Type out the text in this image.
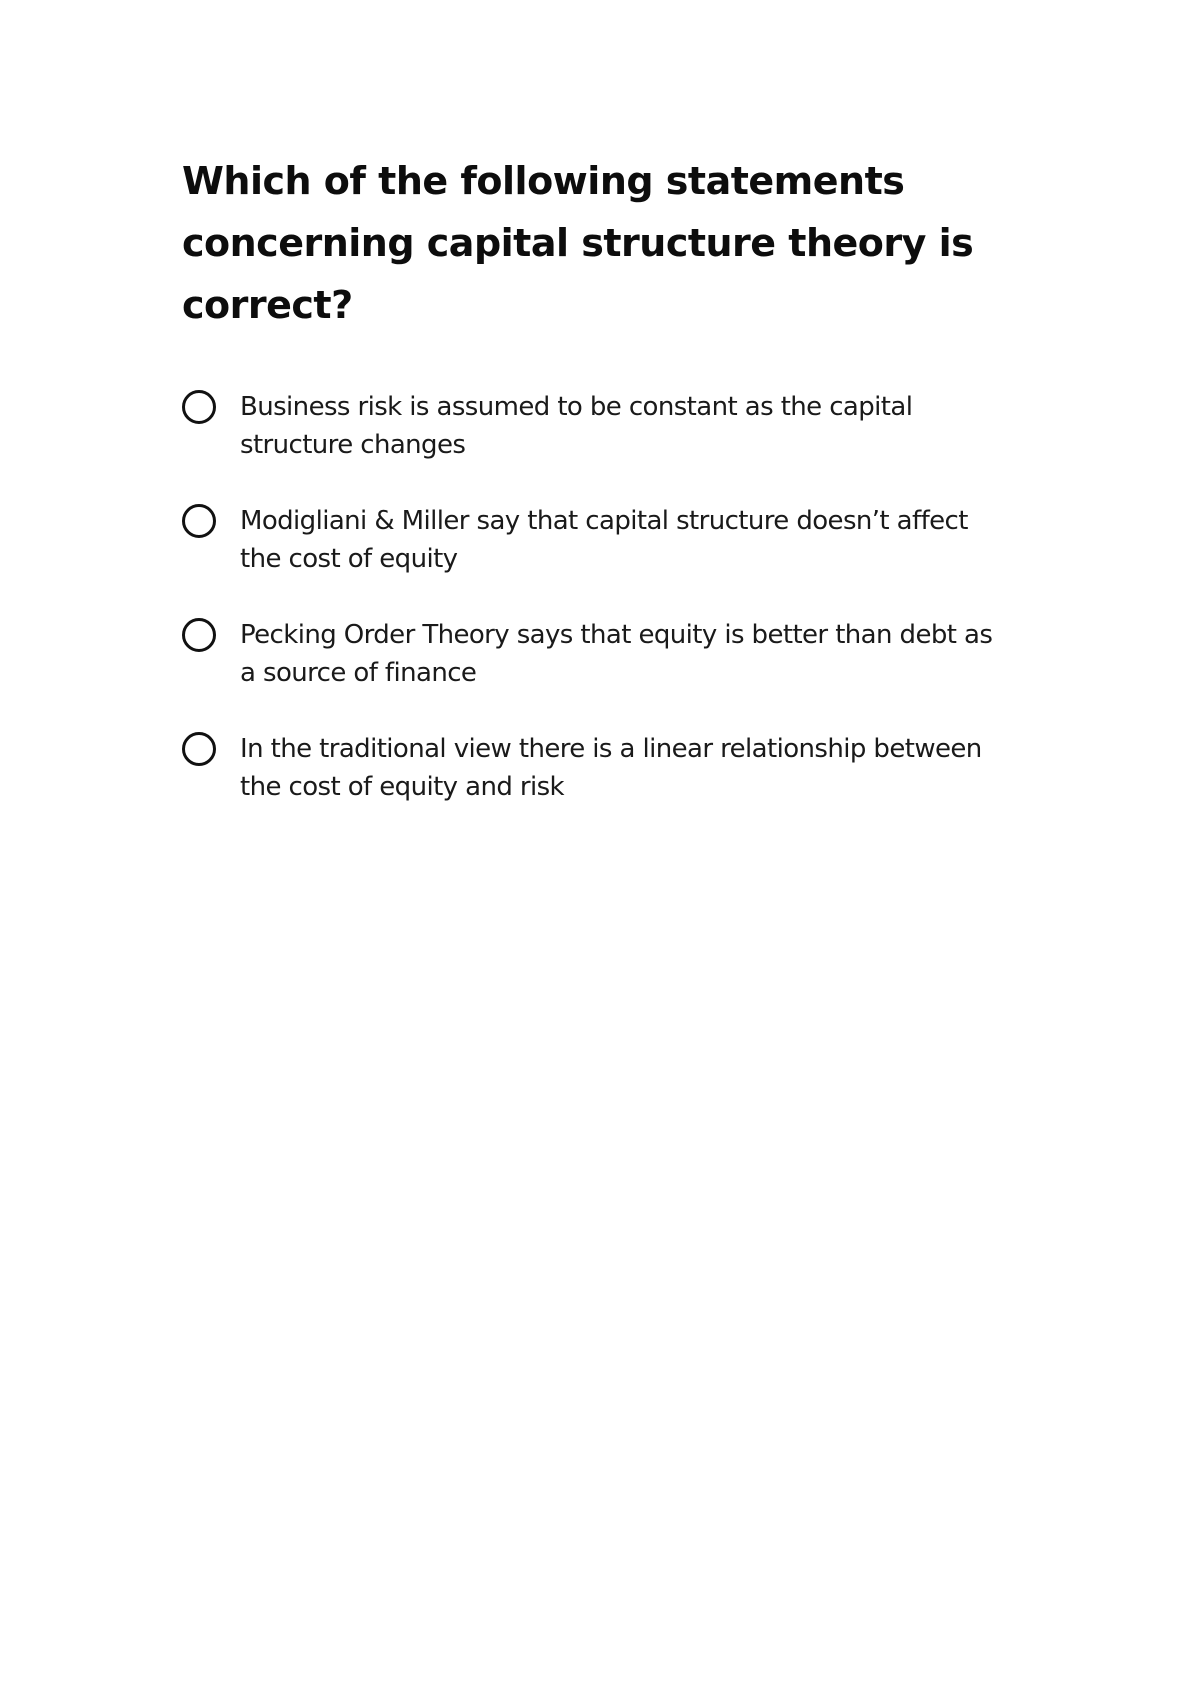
Which of the following statements concerning capital structure theory is correct?
Business risk is assumed to be constant as the capital structure changes
Modigliani & Miller say that capital structure doesn’t affect the cost of equity
Pecking Order Theory says that equity is better than debt as a source of finance
In the traditional view there is a linear relationship between the cost of equity and risk
